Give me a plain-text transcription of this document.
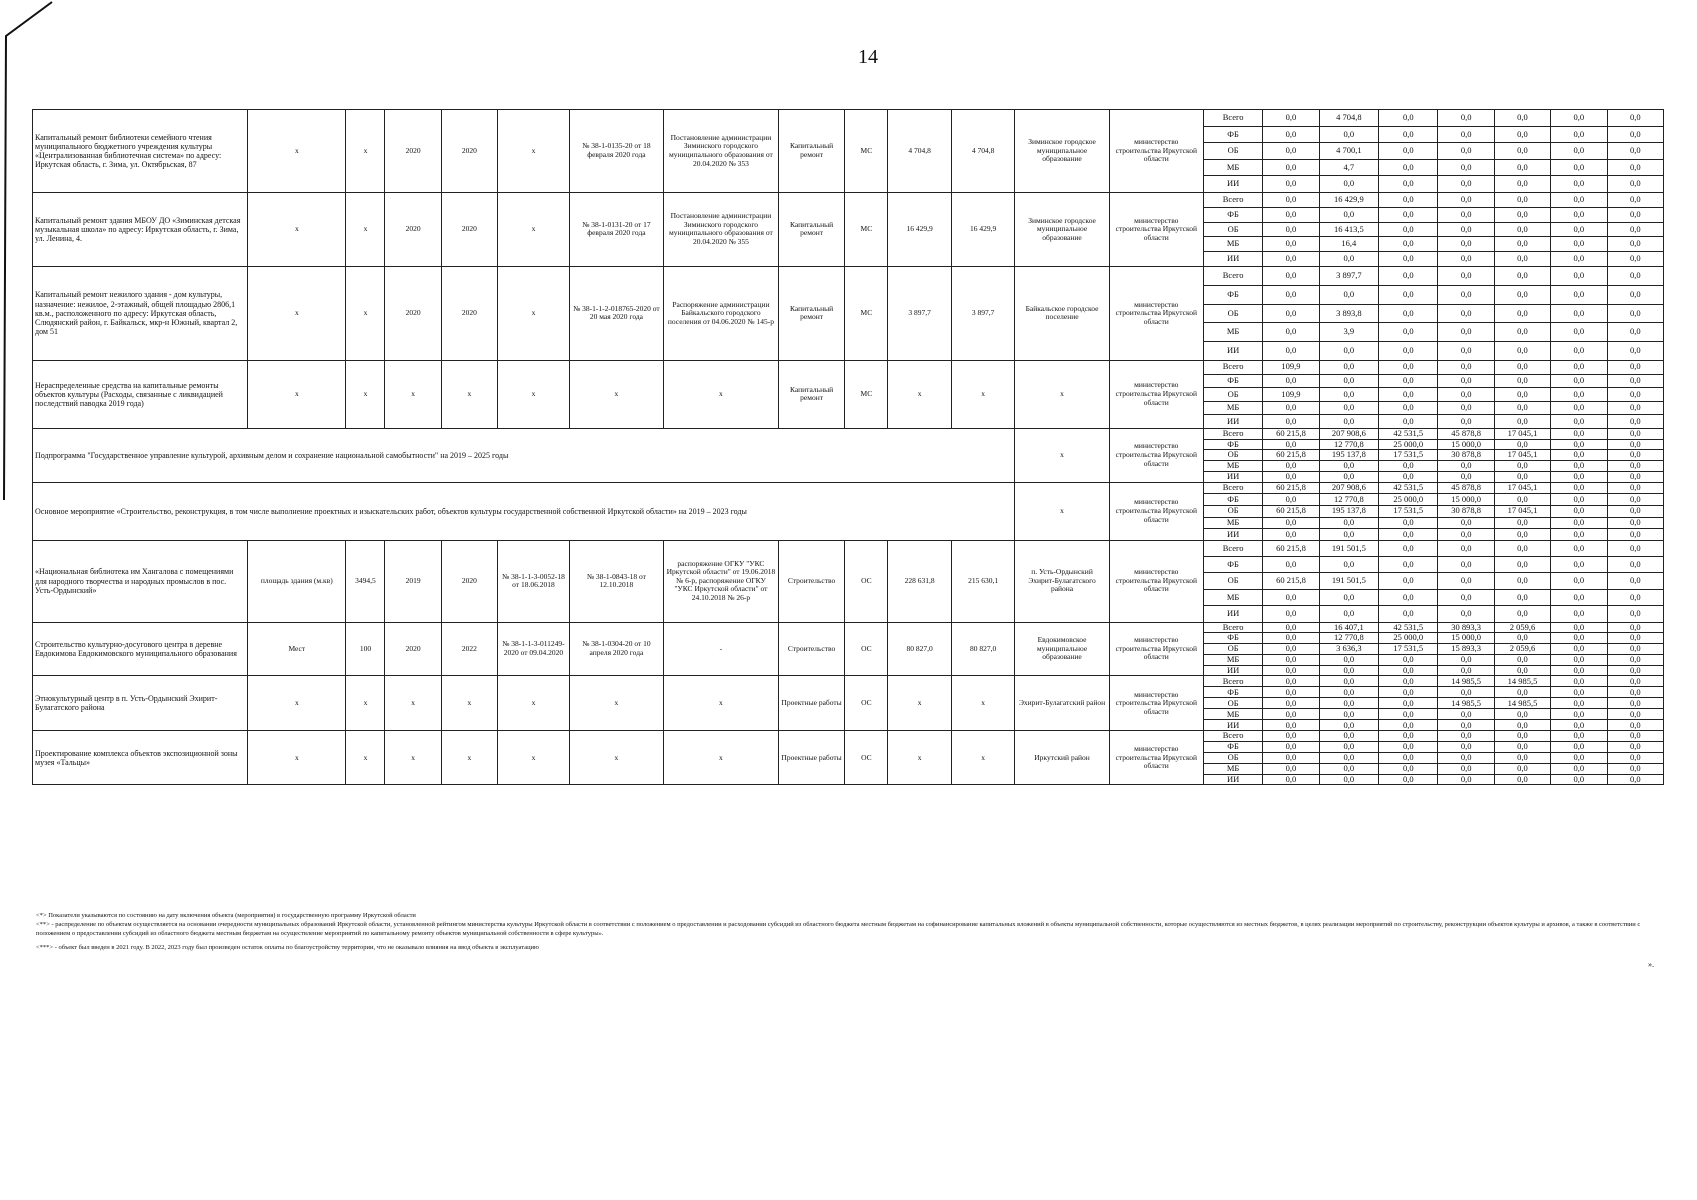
14
Капитальный ремонт библиотеки семейного чтения муниципального бюджетного учреждения культуры «Централизованная библиотечная система» по адресу: Иркутская область, г. Зима, ул. Октябрьская, 87	х	х	2020	2020	х	№ 38-1-0135-20 от 18 февраля 2020 года	Постановление администрации Зиминского городского муниципального образования от 20.04.2020 № 353	Капитальный ремонт	МС	4 704,8	4 704,8	Зиминское городское муниципальное образование	министерство строительства Иркутской области	Всего	0,0	4 704,8	0,0	0,0	0,0	0,0	0,0
														ФБ	0,0	0,0	0,0	0,0	0,0	0,0	0,0
														ОБ	0,0	4 700,1	0,0	0,0	0,0	0,0	0,0
														МБ	0,0	4,7	0,0	0,0	0,0	0,0	0,0
														ИИ	0,0	0,0	0,0	0,0	0,0	0,0	0,0
Капитальный ремонт здания МБОУ ДО «Зиминская детская музыкальная школа» по адресу: Иркутская область, г. Зима, ул. Ленина, 4.	х	х	2020	2020	х	№ 38-1-0131-20 от 17 февраля 2020 года	Постановление администрации Зиминского городского муниципального образования от 20.04.2020 № 355	Капитальный ремонт	МС	16 429,9	16 429,9	Зиминское городское муниципальное образование	министерство строительства Иркутской области	Всего	0,0	16 429,9	0,0	0,0	0,0	0,0	0,0
														ФБ	0,0	0,0	0,0	0,0	0,0	0,0	0,0
														ОБ	0,0	16 413,5	0,0	0,0	0,0	0,0	0,0
														МБ	0,0	16,4	0,0	0,0	0,0	0,0	0,0
														ИИ	0,0	0,0	0,0	0,0	0,0	0,0	0,0
Капитальный ремонт нежилого здания - дом культуры, назначение: нежилое, 2-этажный, общей площадью 2806,1 кв.м., расположенного по адресу: Иркутская область, Слюдянский район, г. Байкальск, мкр-н Южный, квартал 2, дом 51	х	х	2020	2020	х	№ 38-1-1-2-018765-2020 от 20 мая 2020 года	Распоряжение администрации Байкальского городского поселения от 04.06.2020 № 145-р	Капитальный ремонт	МС	3 897,7	3 897,7	Байкальское городское поселение	министерство строительства Иркутской области	Всего	0,0	3 897,7	0,0	0,0	0,0	0,0	0,0
														ФБ	0,0	0,0	0,0	0,0	0,0	0,0	0,0
														ОБ	0,0	3 893,8	0,0	0,0	0,0	0,0	0,0
														МБ	0,0	3,9	0,0	0,0	0,0	0,0	0,0
														ИИ	0,0	0,0	0,0	0,0	0,0	0,0	0,0
Нераспределенные средства на капитальные ремонты объектов культуры (Расходы, связанные с ликвидацией последствий паводка 2019 года)	х	х	х	х	х	х	х	Капитальный ремонт	МС	х	х	х	министерство строительства Иркутской области	Всего	109,9	0,0	0,0	0,0	0,0	0,0	0,0
														ФБ	0,0	0,0	0,0	0,0	0,0	0,0	0,0
														ОБ	109,9	0,0	0,0	0,0	0,0	0,0	0,0
														МБ	0,0	0,0	0,0	0,0	0,0	0,0	0,0
														ИИ	0,0	0,0	0,0	0,0	0,0	0,0	0,0
Подпрограмма "Государственное управление культурой, архивным делом и сохранение национальной самобытности" на 2019 – 2025 годы												х	министерство строительства Иркутской области	Всего	60 215,8	207 908,6	42 531,5	45 878,8	17 045,1	0,0	0,0
														ФБ	0,0	12 770,8	25 000,0	15 000,0	0,0	0,0	0,0
														ОБ	60 215,8	195 137,8	17 531,5	30 878,8	17 045,1	0,0	0,0
														МБ	0,0	0,0	0,0	0,0	0,0	0,0	0,0
														ИИ	0,0	0,0	0,0	0,0	0,0	0,0	0,0
Основное мероприятие «Строительство, реконструкция, в том числе выполнение проектных и изыскательских работ, объектов культуры государственной собственной Иркутской области» на 2019 – 2023 годы												х	министерство строительства Иркутской области	Всего	60 215,8	207 908,6	42 531,5	45 878,8	17 045,1	0,0	0,0
														ФБ	0,0	12 770,8	25 000,0	15 000,0	0,0	0,0	0,0
														ОБ	60 215,8	195 137,8	17 531,5	30 878,8	17 045,1	0,0	0,0
														МБ	0,0	0,0	0,0	0,0	0,0	0,0	0,0
														ИИ	0,0	0,0	0,0	0,0	0,0	0,0	0,0
«Национальная библиотека им Хангалова с помещениями для народного творчества и народных промыслов в пос. Усть-Ордынский»	площадь здания (м.кв)	3494,5	2019	2020	№ 38-1-1-3-0052-18 от 18.06.2018	№ 38-1-0843-18 от 12.10.2018	распоряжение ОГКУ "УКС Иркутской области" от 19.06.2018 № 6-р, распоряжение ОГКУ "УКС Иркутской области" от 24.10.2018 № 26-р	Строительство	ОС	228 631,8	215 630,1	п. Усть-Ордынский Эхирит-Булагатского района	министерство строительства Иркутской области	Всего	60 215,8	191 501,5	0,0	0,0	0,0	0,0	0,0
														ФБ	0,0	0,0	0,0	0,0	0,0	0,0	0,0
														ОБ	60 215,8	191 501,5	0,0	0,0	0,0	0,0	0,0
														МБ	0,0	0,0	0,0	0,0	0,0	0,0	0,0
														ИИ	0,0	0,0	0,0	0,0	0,0	0,0	0,0
Строительство культурно-досугового центра в деревне Евдокимова Евдокимовского муниципального образования	Мест	100	2020	2022	№ 38-1-1-3-011249-2020 от 09.04.2020	№ 38-1-0304-20 от 10 апреля 2020 года	-	Строительство	ОС	80 827,0	80 827,0	Евдокимовское муниципальное образование	министерство строительства Иркутской области	Всего	0,0	16 407,1	42 531,5	30 893,3	2 059,6	0,0	0,0
														ФБ	0,0	12 770,8	25 000,0	15 000,0	0,0	0,0	0,0
														ОБ	0,0	3 636,3	17 531,5	15 893,3	2 059,6	0,0	0,0
														МБ	0,0	0,0	0,0	0,0	0,0	0,0	0,0
														ИИ	0,0	0,0	0,0	0,0	0,0	0,0	0,0
Этнокультурный центр в п. Усть-Ордынский Эхирит-Булагатского района	х	х	х	х	х	х	х	Проектные работы	ОС	х	х	Эхирит-Булагатский район	министерство строительства Иркутской области	Всего	0,0	0,0	0,0	14 985,5	14 985,5	0,0	0,0
														ФБ	0,0	0,0	0,0	0,0	0,0	0,0	0,0
														ОБ	0,0	0,0	0,0	14 985,5	14 985,5	0,0	0,0
														МБ	0,0	0,0	0,0	0,0	0,0	0,0	0,0
														ИИ	0,0	0,0	0,0	0,0	0,0	0,0	0,0
Проектирование комплекса объектов экспозиционной зоны музея «Тальцы»	х	х	х	х	х	х	х	Проектные работы	ОС	х	х	Иркутский район	министерство строительства Иркутской области	Всего	0,0	0,0	0,0	0,0	0,0	0,0	0,0
														ФБ	0,0	0,0	0,0	0,0	0,0	0,0	0,0
														ОБ	0,0	0,0	0,0	0,0	0,0	0,0	0,0
														МБ	0,0	0,0	0,0	0,0	0,0	0,0	0,0
														ИИ	0,0	0,0	0,0	0,0	0,0	0,0	0,0

<*> Показатели указываются по состоянию на дату включения объекта (мероприятия) в государственную программу Иркутской области

<**> - распределение по объектам осуществляется на основании очередности муниципальных образований Иркутской области, установленной рейтингом министерства культуры Иркутской области в соответствии с положением о предоставлении и расходовании субсидий из областного бюджета местным бюджетам на софинансирование капитальных вложений в объекты муниципальной собственности, которые осуществляются из местных бюджетов, в целях реализации мероприятий по строительству, реконструкции объектов культуры и архивов, а также в соответствии с положением о предоставлении субсидий из областного бюджета местным бюджетам на осуществление мероприятий по капитальному ремонту объектов муниципальной собственности в сфере культуры».

<***> - объект был введен в 2021 году. В 2022, 2023 году был произведен остаток оплаты по благоустройству территории, что не оказывало влияния на ввод объекта в эксплуатацию

».
